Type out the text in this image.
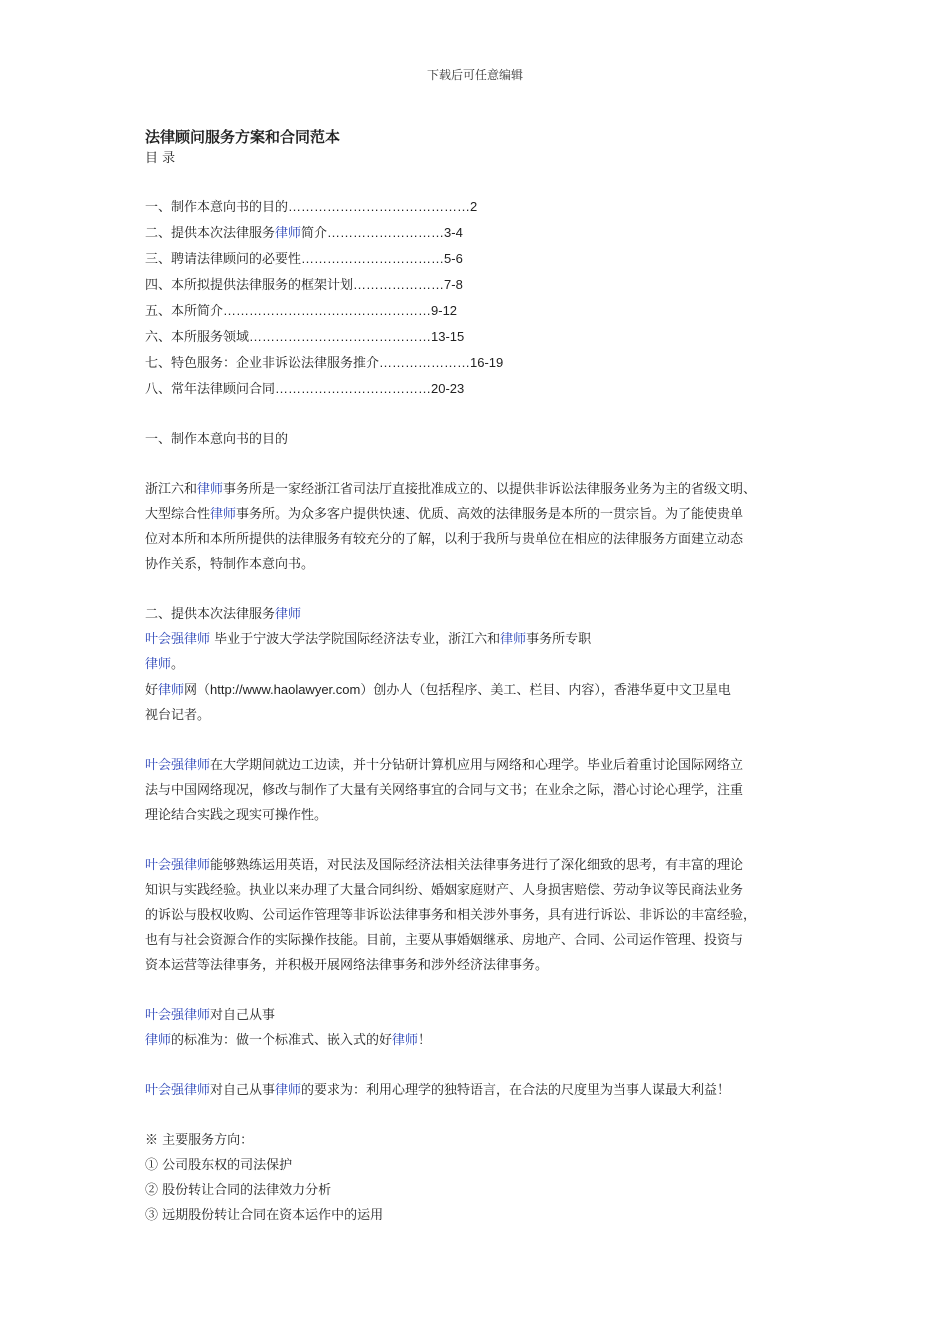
下载后可任意编辑
法律顾问服务方案和合同范本
目 录
一、制作本意向书的目的……………………………………2
二、提供本次法律服务律师简介………………………3-4
三、聘请法律顾问的必要性……………………………5-6
四、本所拟提供法律服务的框架计划…………………7-8
五、本所简介…………………………………………9-12
六、本所服务领域……………………………………13-15
七、特色服务：企业非诉讼法律服务推介…………………16-19
八、常年法律顾问合同………………………………20-23
一、制作本意向书的目的
浙江六和律师事务所是一家经浙江省司法厅直接批准成立的、以提供非诉讼法律服务业务为主的省级文明、
大型综合性律师事务所。为众多客户提供快速、优质、高效的法律服务是本所的一贯宗旨。为了能使贵单
位对本所和本所所提供的法律服务有较充分的了解，以利于我所与贵单位在相应的法律服务方面建立动态
协作关系，特制作本意向书。
二、提供本次法律服务律师
叶会强律师 毕业于宁波大学法学院国际经济法专业，浙江六和律师事务所专职
律师。
好律师网（http://www.haolawyer.com）创办人（包括程序、美工、栏目、内容），香港华夏中文卫星电
视台记者。
叶会强律师在大学期间就边工边读，并十分钻研计算机应用与网络和心理学。毕业后着重讨论国际网络立
法与中国网络现况，修改与制作了大量有关网络事宜的合同与文书；在业余之际，潜心讨论心理学，注重
理论结合实践之现实可操作性。
叶会强律师能够熟练运用英语，对民法及国际经济法相关法律事务进行了深化细致的思考，有丰富的理论
知识与实践经验。执业以来办理了大量合同纠纷、婚姻家庭财产、人身损害赔偿、劳动争议等民商法业务
的诉讼与股权收购、公司运作管理等非诉讼法律事务和相关涉外事务，具有进行诉讼、非诉讼的丰富经验，
也有与社会资源合作的实际操作技能。目前，主要从事婚姻继承、房地产、合同、公司运作管理、投资与
资本运营等法律事务，并积极开展网络法律事务和涉外经济法律事务。
叶会强律师对自己从事
律师的标准为：做一个标准式、嵌入式的好律师！
叶会强律师对自己从事律师的要求为：利用心理学的独特语言，在合法的尺度里为当事人谋最大利益！
※ 主要服务方向：
① 公司股东权的司法保护
② 股份转让合同的法律效力分析
③ 远期股份转让合同在资本运作中的运用
